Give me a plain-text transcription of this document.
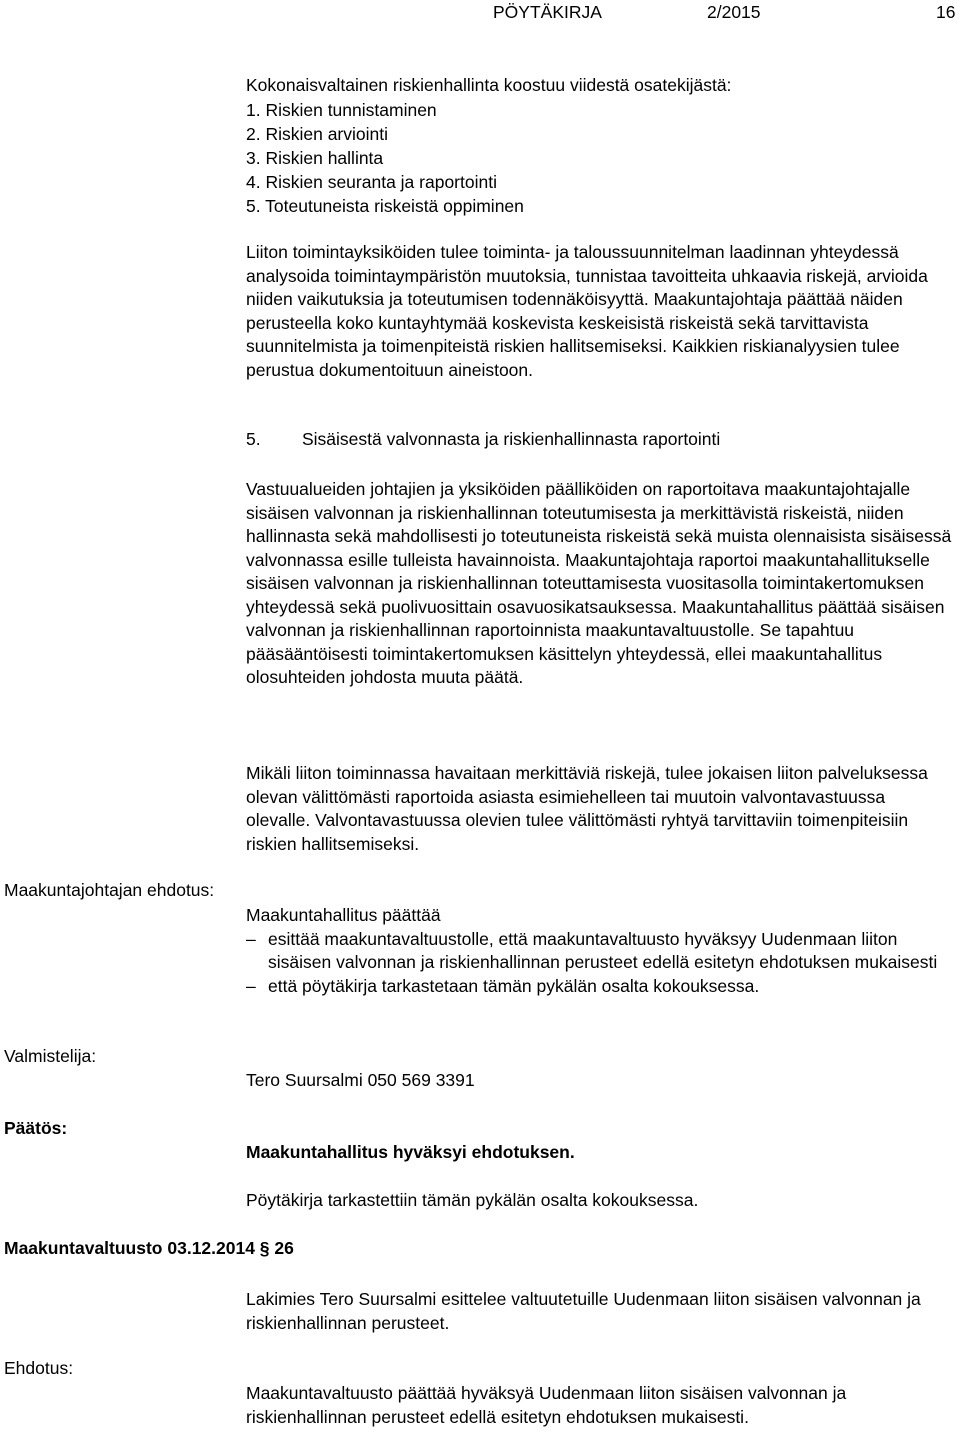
PÖYTÄKIRJA	2/2015	16

Kokonaisvaltainen riskienhallinta koostuu viidestä osatekijästä:

1. Riskien tunnistaminen
2. Riskien arviointi
3. Riskien hallinta
4. Riskien seuranta ja raportointi
5. Toteutuneista riskeistä oppiminen

Liiton toimintayksiköiden tulee toiminta- ja taloussuunnitelman laadinnan yhteydessä analysoida toimintaympäristön muutoksia, tunnistaa tavoitteita uhkaavia riskejä, arvioida niiden vaikutuksia ja toteutumisen todennäköisyyttä. Maakuntajohtaja päättää näiden perusteella koko kuntayhtymää koskevista keskeisistä riskeistä sekä tarvittavista suunnitelmista ja toimenpiteistä riskien hallitsemiseksi. Kaikkien riskianalyysien tulee perustua dokumentoituun aineistoon.

5. Sisäisestä valvonnasta ja riskienhallinnasta raportointi

Vastuualueiden johtajien ja yksiköiden päälliköiden on raportoitava maakuntajohtajalle sisäisen valvonnan ja riskienhallinnan toteutumisesta ja merkittävistä riskeistä, niiden hallinnasta sekä mahdollisesti jo toteutuneista riskeistä sekä muista olennaisista sisäisessä valvonnassa esille tulleista havainnoista. Maakuntajohtaja raportoi maakuntahallitukselle sisäisen valvonnan ja riskienhallinnan toteuttamisesta vuositasolla toimintakertomuksen yhteydessä sekä puolivuosittain osavuosikatsauksessa. Maakuntahallitus päättää sisäisen valvonnan ja riskienhallinnan raportoinnista maakuntavaltuustolle. Se tapahtuu pääsääntöisesti toimintakertomuksen käsittelyn yhteydessä, ellei maakuntahallitus olosuhteiden johdosta muuta päätä.

Mikäli liiton toiminnassa havaitaan merkittäviä riskejä, tulee jokaisen liiton palveluksessa olevan välittömästi raportoida asiasta esimiehelleen tai muutoin valvontavastuussa olevalle. Valvontavastuussa olevien tulee välittömästi ryhtyä tarvittaviin toimenpiteisiin riskien hallitsemiseksi.

Maakuntajohtajan ehdotus:

Maakuntahallitus päättää

– esittää maakuntavaltuustolle, että maakuntavaltuusto hyväksyy Uudenmaan liiton sisäisen valvonnan ja riskienhallinnan perusteet edellä esitetyn ehdotuksen mukaisesti
– että pöytäkirja tarkastetaan tämän pykälän osalta kokouksessa.
Valmistelija:
Tero Suursalmi 050 569 3391
Päätös:
Maakuntahallitus hyväksyi ehdotuksen.
Pöytäkirja tarkastettiin tämän pykälän osalta kokouksessa.
Maakuntavaltuusto 03.12.2014 § 26

Lakimies Tero Suursalmi esittelee valtuutetuille Uudenmaan liiton sisäisen valvonnan ja riskienhallinnan perusteet.

Ehdotus:

Maakuntavaltuusto päättää hyväksyä Uudenmaan liiton sisäisen valvonnan ja riskienhallinnan perusteet edellä esitetyn ehdotuksen mukaisesti.
